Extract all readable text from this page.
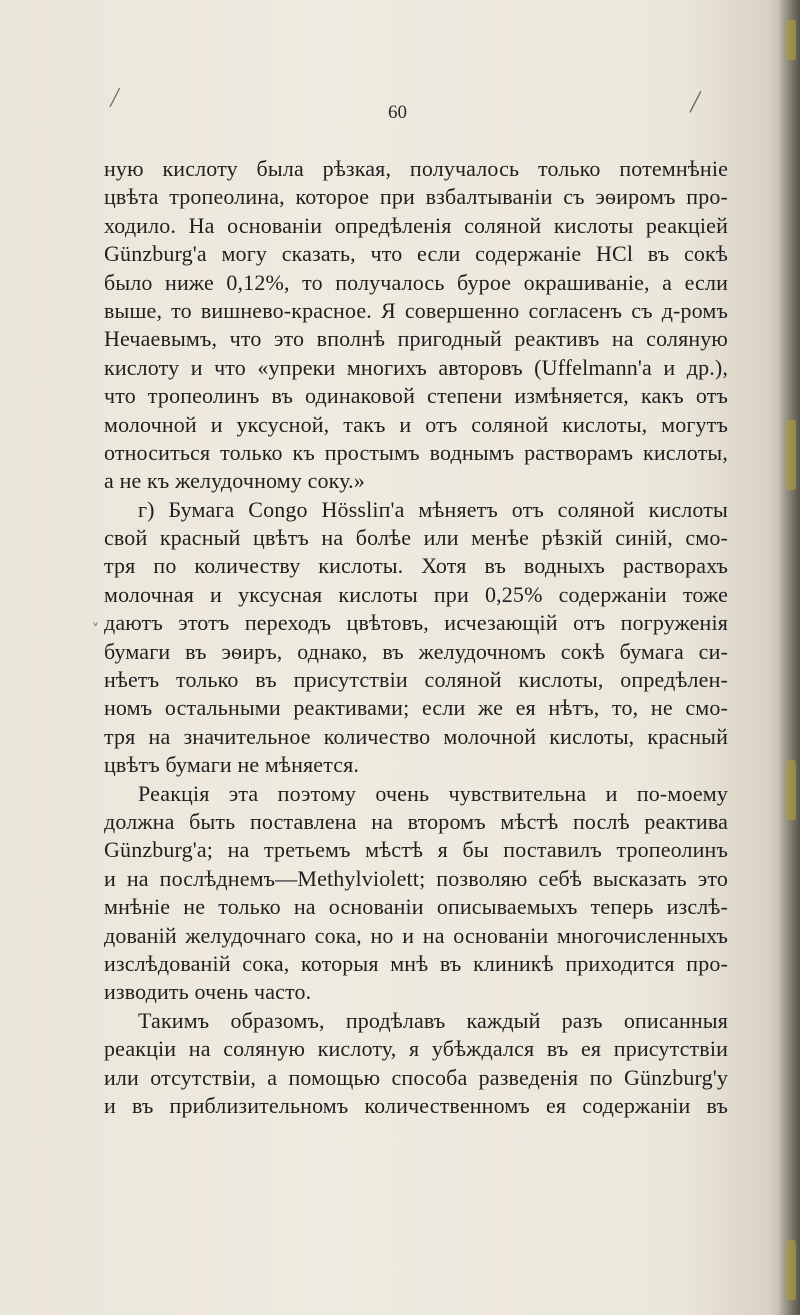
╱	╱
˅

60

ную кислоту была рѣзкая, получалось только потемнѣніе
цвѣта тропеолина, которое при взбалтываніи съ эѳиромъ про-
ходило. На основаніи опредѣленія соляной кислоты реакціей
Günzburg'а могу сказать, что если содержаніе HCl въ сокѣ
было ниже 0,12%, то получалось бурое окрашиваніе, а если
выше, то вишнево-красное. Я совершенно согласенъ съ д-ромъ
Нечаевымъ, что это вполнѣ пригодный реактивъ на соляную
кислоту и что «упреки многихъ авторовъ (Uffelmann'а и др.),
что тропеолинъ въ одинаковой степени измѣняется, какъ отъ
молочной и уксусной, такъ и отъ соляной кислоты, могутъ
относиться только къ простымъ воднымъ растворамъ кислоты,
а не къ желудочному соку.»
г) Бумага Congo Hössliп'а мѣняетъ отъ соляной кислоты
свой красный цвѣтъ на болѣе или менѣе рѣзкій синій, смо-
тря по количеству кислоты. Хотя въ водныхъ растворахъ
молочная и уксусная кислоты при 0,25% содержаніи тоже
даютъ этотъ переходъ цвѣтовъ, исчезающій отъ погруженія
бумаги въ эѳиръ, однако, въ желудочномъ сокѣ бумага си-
нѣетъ только въ присутствіи соляной кислоты, опредѣлен-
номъ остальными реактивами; если же ея нѣтъ, то, не смо-
тря на значительное количество молочной кислоты, красный
цвѣтъ бумаги не мѣняется.
Реакція эта поэтому очень чувствительна и по-моему
должна быть поставлена на второмъ мѣстѣ послѣ реактива
Günzburg'а; на третьемъ мѣстѣ я бы поставилъ тропеолинъ
и на послѣднемъ—Methylviolett; позволяю себѣ высказать это
мнѣніе не только на основаніи описываемыхъ теперь изслѣ-
дованій желудочнаго сока, но и на основаніи многочисленныхъ
изслѣдованій сока, которыя мнѣ въ клиникѣ приходится про-
изводить очень часто.
Такимъ образомъ, продѣлавъ каждый разъ описанныя
реакціи на соляную кислоту, я убѣждался въ ея присутствіи
или отсутствіи, а помощью способа разведенія по Günzburg'у
и въ приблизительномъ количественномъ ея содержаніи въ
